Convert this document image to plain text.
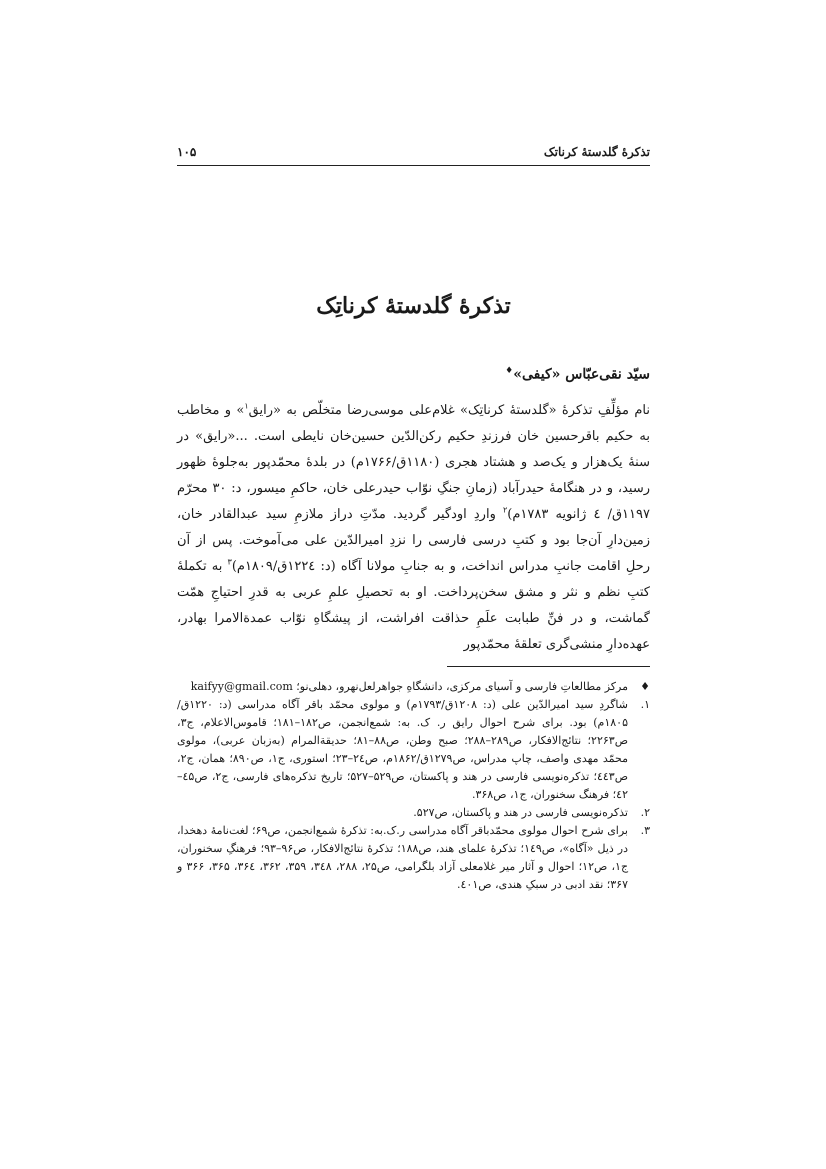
تذکرۀ گلدستۀ کرناتک
۱۰۵
تذکرۀ گلدستۀ کرناتِک
سیّد نقی‌عبّاس «کیفی»♦

نام مؤلِّفِ تذکرۀ «گلدستۀ کرناتِک» غلام‌علی موسی‌رضا متخلّص به «رایق$^۱$» و مخاطب به حکیم باقرحسین خان فرزندِ حکیم رکن‌الدّین حسین‌خان نایطی است. ...«رایق» در سنۀ یک‌هزار و یک‌صد و هشتاد هجری (۱۱۸۰ق/۱۷۶۶م) در بلدۀ محمّدپور به‌جلوۀ ظهور رسید، و در هنگامۀ حیدرآباد (زمانِ جنگِ نوّاب حیدرعلی خان، حاکمِ میسور، د: ۳۰ محرّم ۱۱۹۷ق/ ٤ ژانویه ۱۷۸۳م)$^۲$ واردِ اودگیر گردید. مدّتِ دراز ملازمِ سید عبدالقادر خان، زمین‌دارِ آن‌جا بود و کتبِ درسی فارسی را نزدِ امیرالدّین علی می‌آموخت. پس از آن رحلِ اقامت جانبِ مدراس انداخت، و به جنابِ مولانا آگاه (د: ۱۲۲٤ق/۱۸۰۹م)$^۳$ به تکملۀ کتبِ نظم و نثر و مشق سخن‌پرداخت. او به تحصیلِ علمِ عربی به قدرِ احتیاجِ همّت گماشت، و در فنِّ طبابت علَمِ حذاقت افراشت، از پیشگاهِ نوّاب عمدةالامرا بهادر، عهده‌دارِ منشی‌گری تعلقۀ محمّدپور

♦
مرکز مطالعاتِ فارسی و آسیای مرکزی، دانشگاهِ جواهرلعل‌نهرو، دهلی‌نو؛ kaifyy@gmail.com

۱.
شاگردِ سید امیرالدّین علی (د: ۱۲۰۸ق/۱۷۹۳م) و مولوی محمّد باقر آگاه مدراسی (د: ۱۲۲۰ق/۱۸۰۵م) بود. برای شرح احوال رایق ر. ک. به: شمع‌انجمن، ص۱۸۲–۱۸۱؛ قاموس‌الاعلام، ج۳، ص۲۲۶۳؛ نتائج‌الافکار، ص۲۸۹–۲۸۸؛ صبح وطن، ص۸۸–۸۱؛ حدیقةالمرام (به‌زبان عربی)، مولوی محمّد مهدی واصف، چاپ مدراس، ص۱۲۷۹ق/۱۸۶۲م، ص۲٤–۲۳؛ استوری، ج۱، ص۸۹۰؛ همان، ج۲، ص٤٤۳؛ تذکره‌نویسی فارسی در هند و پاکستان، ص۵۲۹–۵۲۷؛ تاریخ تذکره‌های فارسی، ج۲، ص٤۵–٤۲؛ فرهنگ سخنوران، ج۱، ص۳۶۸.

۲.
تذکره‌نویسی فارسی در هند و پاکستان، ص۵۲۷.

۳.
برای شرح احوال مولوی محمّدباقر آگاه مدراسی ر.ک.به: تذکرۀ شمع‌انجمن، ص۶۹؛ لغت‌نامۀ دهخدا، در ذیل «آگاه»، ص۱٤۹؛ تذکرۀ علمای هند، ص۱۸۸؛ تذکرۀ نتائج‌الافکار، ص۹۶–۹۳؛ فرهنگِ سخنوران، ج۱، ص۱۲؛ احوال و آثار میر غلامعلی آزاد بلگرامی، ص۲۵، ۲۸۸، ۳٤۸، ۳۵۹، ۳۶۲، ۳۶٤، ۳۶۵، ۳۶۶ و ۳۶۷؛ نقد ادبی در سبکِ هندی، ص٤۰۱.
